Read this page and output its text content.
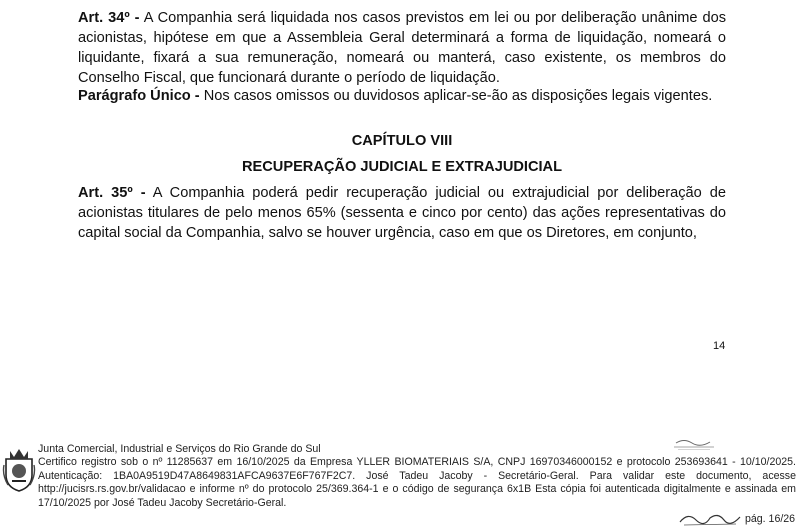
Art. 34º - A Companhia será liquidada nos casos previstos em lei ou por deliberação unânime dos acionistas, hipótese em que a Assembleia Geral determinará a forma de liquidação, nomeará o liquidante, fixará a sua remuneração, nomeará ou manterá, caso existente, os membros do Conselho Fiscal, que funcionará durante o período de liquidação.

Parágrafo Único - Nos casos omissos ou duvidosos aplicar-se-ão as disposições legais vigentes.

CAPÍTULO VIII
RECUPERAÇÃO JUDICIAL E EXTRAJUDICIAL

Art. 35º - A Companhia poderá pedir recuperação judicial ou extrajudicial por deliberação de acionistas titulares de pelo menos 65% (sessenta e cinco por cento) das ações representativas do capital social da Companhia, salvo se houver urgência, caso em que os Diretores, em conjunto,

14
Junta Comercial, Industrial e Serviços do Rio Grande do Sul
Certifico registro sob o nº 11285637 em 16/10/2025 da Empresa YLLER BIOMATERIAIS S/A, CNPJ 16970346000152 e protocolo 253693641 - 10/10/2025. Autenticação: 1BA0A9519D47A8649831AFCA9637E6F767F2C7. José Tadeu Jacoby - Secretário-Geral. Para validar este documento, acesse http://jucisrs.rs.gov.br/validacao e informe nº do protocolo 25/369.364-1 e o código de segurança 6x1B Esta cópia foi autenticada digitalmente e assinada em 17/10/2025 por José Tadeu Jacoby Secretário-Geral.
pág. 16/26
